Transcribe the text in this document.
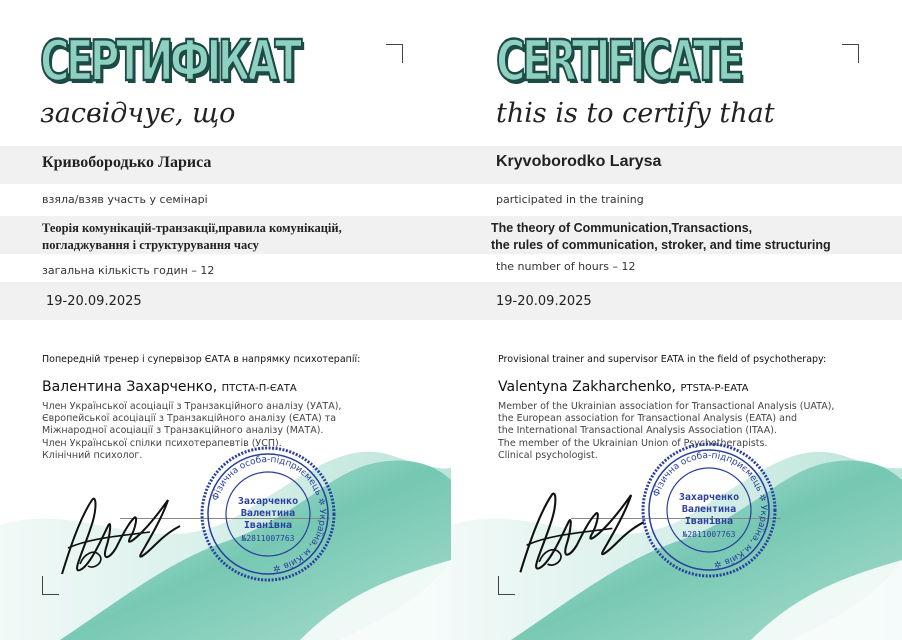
СЕРТИФІКАТ
засвідчує, що
Кривобородько Лариса
взяла/взяв участь у семінарі
Теорія комунікацій-транзакції,правила комунікацій,
погладжування і структурування часу
загальна кількість годин – 12
19-20.09.2025
Попередній тренер і супервізор ЄАТА в напрямку психотерапії:
Валентина Захарченко, ПТСТА-П-ЄАТА
Член Української асоціації з Транзакційного аналізу (УАТА),
Європейської асоціації з Транзакційного аналізу (ЄАТА) та
Міжнародної асоціації з Транзакційного аналізу (МАТА).
Член Української спілки психотерапевтів (УСП).
Клінічний психолог.
Фізична особа-підприємець ✲ Україна, м.Київ ✲
Захарченко
Валентина
Іванівна
№2811007763
CERTIFICATE
this is to certify that
Kryvoborodko Larysa
participated in the training
The theory of Communication,Transactions,
the rules of communication, stroker, and time structuring
the number of hours – 12
19-20.09.2025
Provisional trainer and supervisor EATA in the field of psychotherapy:
Valentyna Zakharchenko, PTSTA-P-EATA
Member of the Ukrainian association for Transactional Analysis (UATA),
the European association for Transactional Analysis (EATA) and
the International Transactional Analysis Association (ITAA).
The member of the Ukrainian Union of Psychotherapists.
Clinical psychologist.
Фізична особа-підприємець ✲ Україна, м.Київ ✲
Захарченко
Валентина
Іванівна
№2811007763
